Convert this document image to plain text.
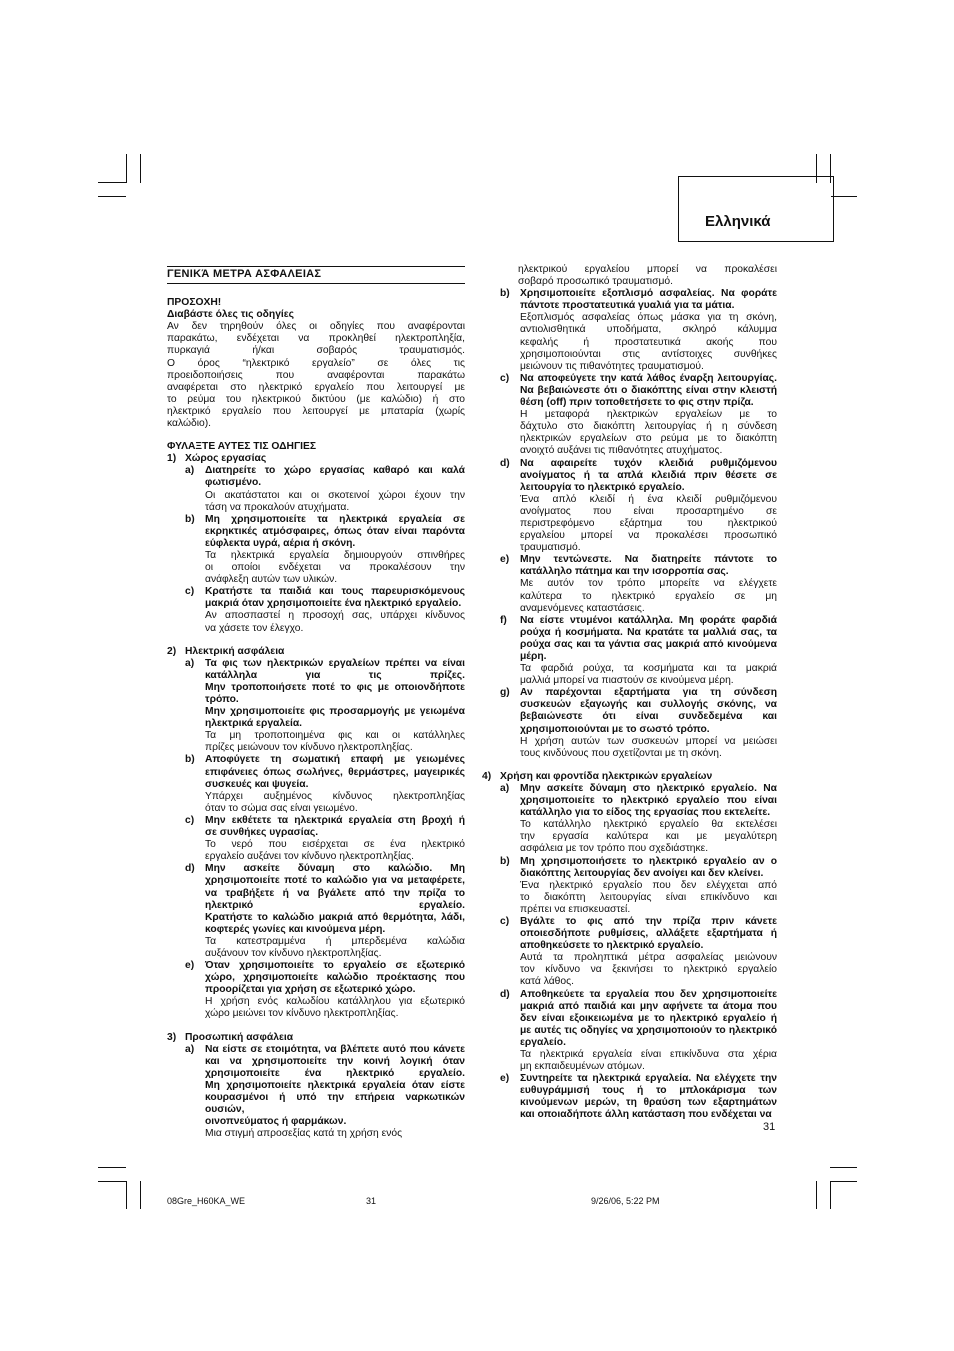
Ελληνικά
ΓΕΝΙΚΆ ΜΕΤΡΑ ΑΣΦΑΛΕΙΑΣ

ΠΡΟΣΟΧΗ!

Διαβάστε όλες τις οδηγίες

Αν δεν τηρηθούν όλες οι οδηγίες που αναφέρονται

παρακάτω, ενδέχεται να προκληθεί ηλεκτροπληξία,

πυρκαγιά ή/και σοβαρός τραυματισμός.

Ο όρος “ηλεκτρικό εργαλείο” σε όλες τις

προειδοποιήσεις που αναφέρονται παρακάτω

αναφέρεται στο ηλεκτρικό εργαλείο που λειτουργεί με

το ρεύμα του ηλεκτρικού δικτύου (με καλώδιο) ή στο

ηλεκτρικό εργαλείο που λειτουργεί με μπαταρία (χωρίς

καλώδιο).

ΦΥΛΑΞΤΕ ΑΥΤΕΣ ΤΙΣ ΟΔΗΓΙΕΣ

1) Χώρος εργασίας
a)	Διατηρείτε το χώρο εργασίας καθαρό και καλά

φωτισμένο.

Οι ακατάστατοι και οι σκοτεινοί χώροι έχουν την

τάση να προκαλούν ατυχήματα.

b) Μη χρησιμοποιείτε τα ηλεκτρικά εργαλεία σε

εκρηκτικές ατμόσφαιρες, όπως όταν είναι παρόντα

εύφλεκτα υγρά, αέρια ή σκόνη.

Τα ηλεκτρικά εργαλεία δημιουργούν σπινθήρες

οι οποίοι ενδέχεται να προκαλέσουν την

ανάφλεξη αυτών των υλικών.

c)	Κρατήστε τα παιδιά και τους παρευρισκόμενους

μακριά όταν χρησιμοποιείτε ένα ηλεκτρικό εργαλείο.

Αν αποσπαστεί η προσοχή σας, υπάρχει κίνδυνος

να χάσετε τον έλεγχο.

2) Ηλεκτρική ασφάλεια
a)	Τα φις των ηλεκτρικών εργαλείων πρέπει να είναι

κατάλληλα για τις πρίζες.

Μην τροποποιήσετε ποτέ το φις με οποιονδήποτε

τρόπο.

Μην χρησιμοποιείτε φις προσαρμογής με γειωμένα

ηλεκτρικά εργαλεία.

Τα μη τροποποιημένα φις και οι κατάλληλες

πρίζες μειώνουν τον κίνδυνο ηλεκτροπληξίας.

b) Αποφύγετε τη σωματική επαφή με γειωμένες

επιφάνειες όπως σωλήνες, θερμάστρες, μαγειρικές

συσκευές και ψυγεία.

Υπάρχει αυξημένος κίνδυνος ηλεκτροπληξίας

όταν το σώμα σας είναι γειωμένο.

c)	Μην εκθέτετε τα ηλεκτρικά εργαλεία στη βροχή ή

σε συνθήκες υγρασίας.

Το νερό που εισέρχεται σε ένα ηλεκτρικό

εργαλείο αυξάνει τον κίνδυνο ηλεκτροπληξίας.

d) Μην ασκείτε δύναμη στο καλώδιο. Μη

χρησιμοποιείτε ποτέ το καλώδιο για να μεταφέρετε,

να τραβήξετε ή να βγάλετε από την πρίζα το

ηλεκτρικό εργαλείο.

Κρατήστε το καλώδιο μακριά από θερμότητα, λάδι,

κοφτερές γωνίες και κινούμενα μέρη.

Τα κατεστραμμένα ή μπερδεμένα καλώδια

αυξάνουν τον κίνδυνο ηλεκτροπληξίας.

e)	Όταν χρησιμοποιείτε το εργαλείο σε εξωτερικό

χώρο, χρησιμοποιείτε καλώδιο προέκτασης που

προορίζεται για χρήση σε εξωτερικό χώρο.

Η χρήση ενός καλωδίου κατάλληλου για εξωτερικό

χώρο μειώνει τον κίνδυνο ηλεκτροπληξίας.

3) Προσωπική ασφάλεια
a)	Να είστε σε ετοιμότητα, να βλέπετε αυτό που κάνετε

και να χρησιμοποιείτε την κοινή λογική όταν

χρησιμοποιείτε ένα ηλεκτρικό εργαλείο.

Μη χρησιμοποιείτε ηλεκτρικά εργαλεία όταν είστε

κουρασμένοι ή υπό την επήρεια ναρκωτικών ουσιών,

οινοπνεύματος ή φαρμάκων.

Μια στιγμή απροσεξίας κατά τη χρήση ενός

ηλεκτρικού εργαλείου μπορεί να προκαλέσει

σοβαρό προσωπικό τραυματισμό.

b) Χρησιμοποιείτε εξοπλισμό ασφαλείας. Να φοράτε

πάντοτε προστατευτικά γυαλιά για τα μάτια.

Εξοπλισμός ασφαλείας όπως μάσκα για τη σκόνη,

αντιολισθητικά υποδήματα, σκληρό κάλυμμα

κεφαλής ή προστατευτικά ακοής που

χρησιμοποιούνται στις αντίστοιχες συνθήκες

μειώνουν τις πιθανότητες τραυματισμού.

c)	Να αποφεύγετε την κατά λάθος έναρξη λειτουργίας.

Να βεβαιώνεστε ότι ο διακόπτης είναι στην κλειστή

θέση (off) πριν τοποθετήσετε το φις στην πρίζα.

Η μεταφορά ηλεκτρικών εργαλείων με το

δάχτυλο στο διακόπτη λειτουργίας ή η σύνδεση

ηλεκτρικών εργαλείων στο ρεύμα με το διακόπτη

ανοιχτό αυξάνει τις πιθανότητες ατυχήματος.

d) Να αφαιρείτε τυχόν κλειδιά ρυθμιζόμενου

ανοίγματος ή τα απλά κλειδιά πριν θέσετε σε

λειτουργία το ηλεκτρικό εργαλείο.

Ένα απλό κλειδί ή ένα κλειδί ρυθμιζόμενου

ανοίγματος που είναι προσαρτημένο σε

περιστρεφόμενο εξάρτημα του ηλεκτρικού

εργαλείου μπορεί να προκαλέσει προσωπικό

τραυματισμό.

e)	Μην τεντώνεστε. Να διατηρείτε πάντοτε το

κατάλληλο πάτημα και την ισορροπία σας.

Με αυτόν τον τρόπο μπορείτε να ελέγχετε

καλύτερα το ηλεκτρικό εργαλείο σε μη

αναμενόμενες καταστάσεις.

f)	Να είστε ντυμένοι κατάλληλα. Μη φοράτε φαρδιά

ρούχα ή κοσμήματα. Να κρατάτε τα μαλλιά σας, τα

ρούχα σας και τα γάντια σας μακριά από κινούμενα

μέρη.

Τα φαρδιά ρούχα, τα κοσμήματα και τα μακριά

μαλλιά μπορεί να πιαστούν σε κινούμενα μέρη.

g) Αν παρέχονται εξαρτήματα για τη σύνδεση

συσκευών εξαγωγής και συλλογής σκόνης, να

βεβαιώνεστε ότι είναι συνδεδεμένα και

χρησιμοποιούνται με το σωστό τρόπο.

Η χρήση αυτών των συσκευών μπορεί να μειώσει

τους κινδύνους που σχετίζονται με τη σκόνη.

4) Χρήση και φροντίδα ηλεκτρικών εργαλείων
a)	Μην ασκείτε δύναμη στο ηλεκτρικό εργαλείο. Να

χρησιμοποιείτε το ηλεκτρικό εργαλείο που είναι

κατάλληλο για το είδος της εργασίας που εκτελείτε.

Το κατάλληλο ηλεκτρικό εργαλείο θα εκτελέσει

την εργασία καλύτερα και με μεγαλύτερη

ασφάλεια με τον τρόπο που σχεδιάστηκε.

b) Μη χρησιμοποιήσετε το ηλεκτρικό εργαλείο αν ο

διακόπτης λειτουργίας δεν ανοίγει και δεν κλείνει.

Ένα ηλεκτρικό εργαλείο που δεν ελέγχεται από

το διακόπτη λειτουργίας είναι επικίνδυνο και

πρέπει να επισκευαστεί.

c)	Βγάλτε το φις από την πρίζα πριν κάνετε

οποιεσδήποτε ρυθμίσεις, αλλάξετε εξαρτήματα ή

αποθηκεύσετε το ηλεκτρικό εργαλείο.

Αυτά τα προληπτικά μέτρα ασφαλείας μειώνουν

τον κίνδυνο να ξεκινήσει το ηλεκτρικό εργαλείο

κατά λάθος.

d) Αποθηκεύετε τα εργαλεία που δεν χρησιμοποιείτε

μακριά από παιδιά και μην αφήνετε τα άτομα που

δεν είναι εξοικειωμένα με το ηλεκτρικό εργαλείο ή

με αυτές τις οδηγίες να χρησιμοποιούν το ηλεκτρικό

εργαλείο.

Τα ηλεκτρικά εργαλεία είναι επικίνδυνα στα χέρια

μη εκπαιδευμένων ατόμων.

e)	Συντηρείτε τα ηλεκτρικά εργαλεία. Να ελέγχετε την

ευθυγράμμισή τους ή το μπλοκάρισμα των

κινούμενων μερών, τη θραύση των εξαρτημάτων

και οποιαδήποτε άλλη κατάσταση που ενδέχεται να

31
08Gre_H60KA_WE	31	9/26/06, 5:22 PM
